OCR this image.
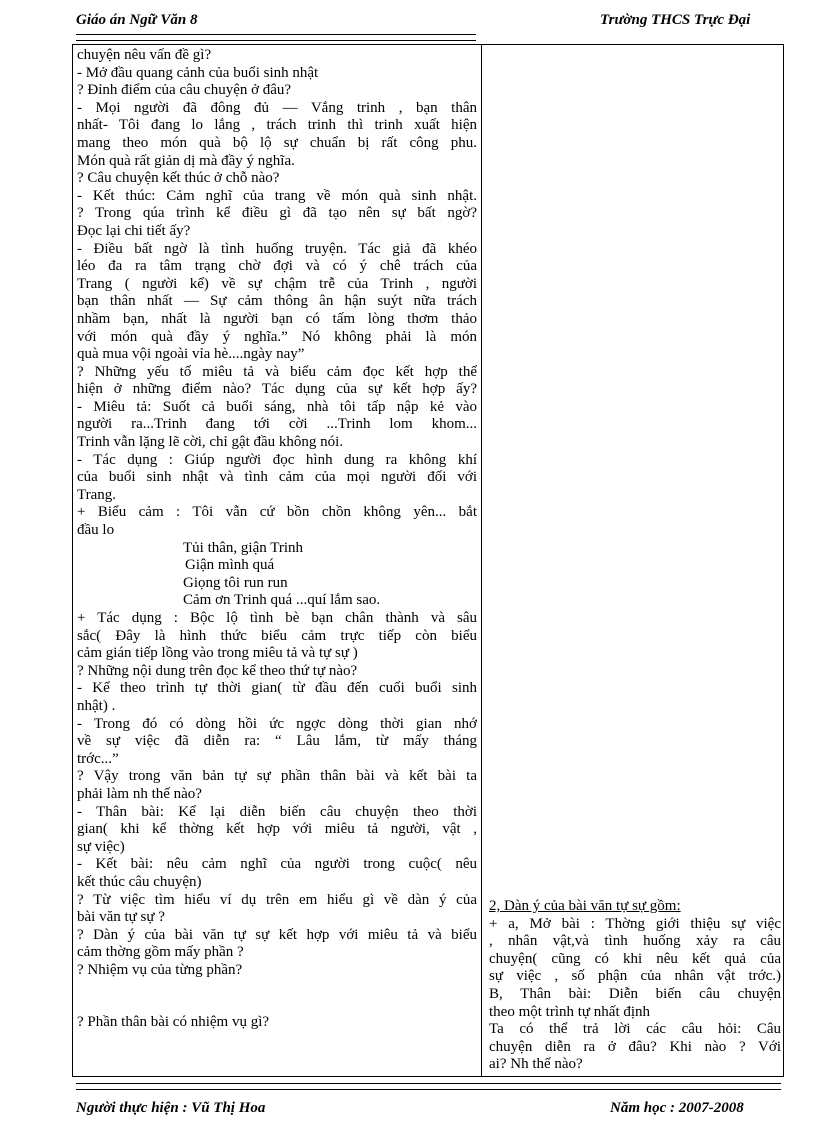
Giáo án Ngữ Văn 8	Trường THCS Trực Đại
chuyện nêu vấn đề gì?
- Mở đầu quang cảnh của buổi sinh nhật
? Đỉnh điểm của câu chuyện ở đâu?
- Mọi người đã đông đủ — Vắng trinh , bạn thân
nhất- Tôi đang lo lắng , trách trinh thì trinh xuất hiện
mang theo món quà bộ lộ sự chuẩn bị rất công phu.
Món quà rất giản dị mà đầy ý nghĩa.
? Câu chuyện kết thúc ở chỗ nào?
- Kết thúc: Cảm nghĩ của trang về món quà sinh nhật.
? Trong qúa trình kể điều gì đã tạo nên sự bất ngờ?
Đọc lại chi tiết ấy?
- Điều bất ngờ là tình huống truyện. Tác giả đã khéo
léo đa ra tâm trạng chờ đợi và có ý chê trách của
Trang ( người kể) về sự chậm trễ của Trinh , người
bạn thân nhất — Sự cảm thông ân hận suýt nữa trách
nhầm bạn, nhất là người bạn có tấm lòng thơm thảo
với món quà đầy ý nghĩa.” Nó không phải là món
quà mua vội ngoài vỉa hè....ngày nay”
? Những yếu tố miêu tả và biểu cảm đọc kết hợp thể
hiện ở những điểm nào? Tác dụng của sự kết hợp ấy?
- Miêu tả: Suốt cả buổi sáng, nhà tôi tấp nập kẻ vào
người ra...Trinh đang tới cời ...Trinh lom khom...
Trinh vẫn lặng lẽ cời, chỉ gật đầu không nói.
- Tác dụng : Giúp người đọc hình dung ra không khí
của buổi sinh nhật và tình cảm của mọi người đối với
Trang.
+ Biểu cảm : Tôi vẫn cứ bồn chồn không yên... bắt
đầu lo
Tủi thân, giận Trinh
Giận mình quá
Giọng tôi run run
Cảm ơn Trinh quá ...quí lắm sao.
+ Tác dụng : Bộc lộ tình bè bạn chân thành và sâu
sắc( Đây là hình thức biểu cảm trực tiếp còn biểu
cảm gián tiếp lồng vào trong miêu tả và tự sự )
? Những nội dung trên đọc kể theo thứ tự nào?
- Kể theo trình tự thời gian( từ đầu đến cuối buổi sinh
nhật) .
- Trong đó có dòng hồi ức ngợc dòng thời gian nhớ
về sự việc đã diễn ra: “ Lâu lắm, từ mấy tháng
trớc...”
? Vậy trong văn bản tự sự phần thân bài và kết bài ta
phải làm nh thế nào?
- Thân bài: Kể lại diễn biến câu chuyện theo thời
gian( khi kể thờng kết hợp với miêu tả người, vật ,
sự việc)
- Kết bài: nêu cảm nghĩ của người trong cuộc( nêu
kết thúc câu chuyện)
? Từ việc tìm hiểu ví dụ trên em hiểu gì về dàn ý của
bài văn tự sự ?
? Dàn ý của bài văn tự sự kết hợp với miêu tả và biểu
cảm thờng gồm mấy phần ?
? Nhiệm vụ của từng phần?
? Phần thân bài có nhiệm vụ gì?
2, Dàn ý của bài văn tự sự gồm:
+ a, Mở bài : Thờng giới thiệu sự việc
, nhân vật,và tình huống xảy ra câu
chuyện( cũng có khi nêu kết quả của
sự việc , số phận của nhân vật trớc.)
B, Thân bài: Diễn biến câu chuyện
theo một trình tự nhất định
Ta có thể trả lời các câu hỏi: Câu
chuyện diễn ra ở đâu? Khi nào ? Với
ai? Nh thế nào?
Người thực hiện : Vũ Thị Hoa	Năm học : 2007-2008
